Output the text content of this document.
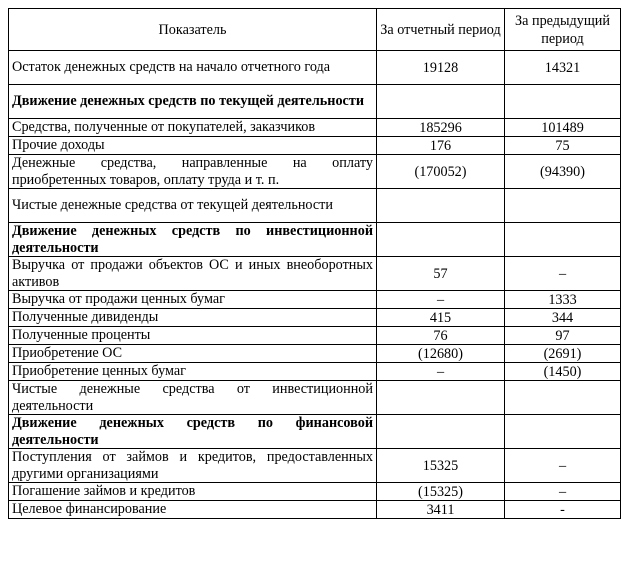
Показатель	За отчетный период	За предыдущий период
Остаток денежных средств на начало отчетного года	19128	14321
Движение денежных средств по текущей деятельности		
Средства, полученные от покупателей, заказчиков	185296	101489
Прочие доходы	176	75
Денежные средства, направленные на оплату приобретенных товаров, оплату труда и т. п.	(170052)	(94390)
Чистые денежные средства от текущей деятельности		
Движение денежных средств по инвестиционной деятельности		
Выручка от продажи объектов ОС и иных внеоборотных активов	57	–
Выручка от продажи ценных бумаг	–	1333
Полученные дивиденды	415	344
Полученные проценты	76	97
Приобретение ОС	(12680)	(2691)
Приобретение ценных бумаг	–	(1450)
Чистые денежные средства от инвестиционной деятельности		
Движение денежных средств по финансовой деятельности		
Поступления от займов и кредитов, предоставленных другими организациями	15325	–
Погашение займов и кредитов	(15325)	–
Целевое финансирование	3411	-
